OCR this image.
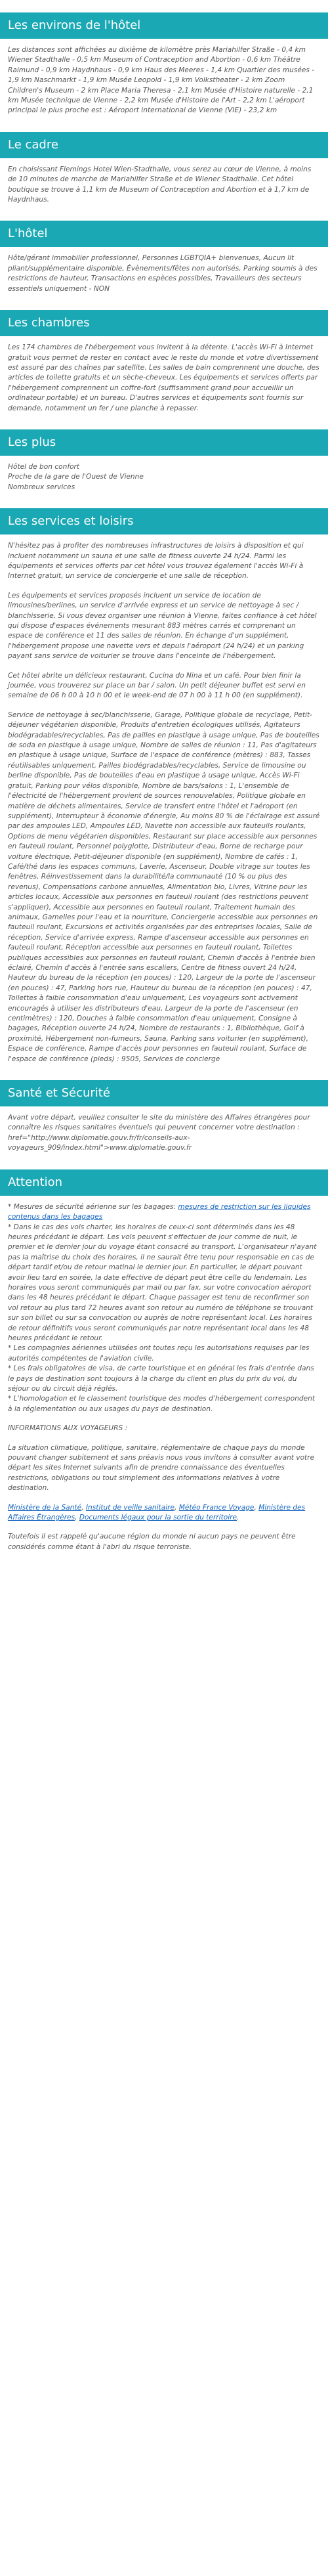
Les environs de l'hôtel

Les distances sont affichées au dixième de kilomètre près Mariahilfer Straße - 0,4 km Wiener Stadthalle - 0,5 km Museum of Contraception and Abortion - 0,6 km Théâtre Raimund - 0,9 km Haydnhaus - 0,9 km Haus des Meeres - 1,4 km Quartier des musées - 1,9 km Naschmarkt - 1,9 km Musée Leopold - 1,9 km Volkstheater - 2 km Zoom Children's Museum - 2 km Place Maria Theresa - 2,1 km Musée d'Histoire naturelle - 2,1 km Musée technique de Vienne - 2,2 km Musée d'Histoire de l'Art - 2,2 km L'aéroport principal le plus proche est : Aéroport international de Vienne (VIE) - 23,2 km

Le cadre

En choisissant Flemings Hotel Wien-Stadthalle, vous serez au cœur de Vienne, à moins de 10 minutes de marche de Mariahilfer Straße et de Wiener Stadthalle. Cet hôtel boutique se trouve à 1,1 km de Museum of Contraception and Abortion et à 1,7 km de Haydnhaus.

L'hôtel

Hôte/gérant immobilier professionnel, Personnes LGBTQIA+ bienvenues, Aucun lit pliant/supplémentaire disponible, Évènements/fêtes non autorisés, Parking soumis à des restrictions de hauteur, Transactions en espèces possibles, Travailleurs des secteurs essentiels uniquement - NON

Les chambres

Les 174 chambres de l'hébergement vous invitent à la détente. L'accès Wi-Fi à Internet gratuit vous permet de rester en contact avec le reste du monde et votre divertissement est assuré par des chaînes par satellite. Les salles de bain comprennent une douche, des articles de toilette gratuits et un sèche-cheveux. Les équipements et services offerts par l'hébergement comprennent un coffre-fort (suffisamment grand pour accueillir un ordinateur portable) et un bureau. D'autres services et équipements sont fournis sur demande, notamment un fer / une planche à repasser.

Les plus

Hôtel de bon confort
Proche de la gare de l'Ouest de Vienne
Nombreux services

Les services et loisirs

N'hésitez pas à profiter des nombreuses infrastructures de loisirs à disposition et qui incluent notamment un sauna et une salle de fitness ouverte 24 h/24. Parmi les équipements et services offerts par cet hôtel vous trouvez également l'accès Wi-Fi à Internet gratuit, un service de conciergerie et une salle de réception.

Les équipements et services proposés incluent un service de location de limousines/berlines, un service d'arrivée express et un service de nettoyage à sec / blanchisserie. Si vous devez organiser une réunion à Vienne, faites confiance à cet hôtel qui dispose d'espaces événements mesurant 883 mètres carrés et comprenant un espace de conférence et 11 des salles de réunion. En échange d'un supplément, l'hébergement propose une navette vers et depuis l'aéroport (24 h/24) et un parking payant sans service de voiturier se trouve dans l'enceinte de l'hébergement.

Cet hôtel abrite un délicieux restaurant, Cucina do Nina et un café. Pour bien finir la journée, vous trouverez sur place un bar / salon. Un petit déjeuner buffet est servi en semaine de 06 h 00 à 10 h 00 et le week-end de 07 h 00 à 11 h 00 (en supplément).

Service de nettoyage à sec/blanchisserie, Garage, Politique globale de recyclage, Petit-déjeuner végétarien disponible, Produits d'entretien écologiques utilisés, Agitateurs biodégradables/recyclables, Pas de pailles en plastique à usage unique, Pas de bouteilles de soda en plastique à usage unique, Nombre de salles de réunion : 11, Pas d'agitateurs en plastique à usage unique, Surface de l'espace de conférence (mètres) : 883, Tasses réutilisables uniquement, Pailles biodégradables/recyclables, Service de limousine ou berline disponible, Pas de bouteilles d'eau en plastique à usage unique, Accès Wi-Fi gratuit, Parking pour vélos disponible, Nombre de bars/salons : 1, L'ensemble de l'électricité de l'hébergement provient de sources renouvelables, Politique globale en matière de déchets alimentaires, Service de transfert entre l'hôtel et l'aéroport (en supplément), Interrupteur à économie d'énergie, Au moins 80 % de l'éclairage est assuré par des ampoules LED, Ampoules LED, Navette non accessible aux fauteuils roulants, Options de menu végétarien disponibles, Restaurant sur place accessible aux personnes en fauteuil roulant, Personnel polyglotte, Distributeur d'eau, Borne de recharge pour voiture électrique, Petit-déjeuner disponible (en supplément), Nombre de cafés : 1, Café/thé dans les espaces communs, Laverie, Ascenseur, Double vitrage sur toutes les fenêtres, Réinvestissement dans la durabilité/la communauté (10 % ou plus des revenus), Compensations carbone annuelles, Alimentation bio, Livres, Vitrine pour les articles locaux, Accessible aux personnes en fauteuil roulant (des restrictions peuvent s'appliquer), Accessible aux personnes en fauteuil roulant, Traitement humain des animaux, Gamelles pour l'eau et la nourriture, Conciergerie accessible aux personnes en fauteuil roulant, Excursions et activités organisées par des entreprises locales, Salle de réception, Service d'arrivée express, Rampe d'ascenseur accessible aux personnes en fauteuil roulant, Réception accessible aux personnes en fauteuil roulant, Toilettes publiques accessibles aux personnes en fauteuil roulant, Chemin d'accès à l'entrée bien éclairé, Chemin d'accès à l'entrée sans escaliers, Centre de fitness ouvert 24 h/24, Hauteur du bureau de la réception (en pouces) : 120, Largeur de la porte de l'ascenseur (en pouces) : 47, Parking hors rue, Hauteur du bureau de la réception (en pouces) : 47, Toilettes à faible consommation d'eau uniquement, Les voyageurs sont activement encouragés à utiliser les distributeurs d'eau, Largeur de la porte de l'ascenseur (en centimètres) : 120, Douches à faible consommation d'eau uniquement, Consigne à bagages, Réception ouverte 24 h/24, Nombre de restaurants : 1, Bibliothèque, Golf à proximité, Hébergement non-fumeurs, Sauna, Parking sans voiturier (en supplément), Espace de conférence, Rampe d'accès pour personnes en fauteuil roulant, Surface de l'espace de conférence (pieds) : 9505, Services de concierge

Santé et Sécurité

Avant votre départ, veuillez consulter le site du ministère des Affaires étrangères pour connaître les risques sanitaires éventuels qui peuvent concerner votre destination : href="http://www.diplomatie.gouv.fr/fr/conseils-aux-voyageurs_909/index.html">www.diplomatie.gouv.fr

Attention

* Mesures de sécurité aérienne sur les bagages: mesures de restriction sur les liquides contenus dans les bagages
* Dans le cas des vols charter, les horaires de ceux-ci sont déterminés dans les 48 heures précédant le départ. Les vols peuvent s'effectuer de jour comme de nuit, le premier et le dernier jour du voyage étant consacré au transport. L'organisateur n'ayant pas la maîtrise du choix des horaires, il ne saurait être tenu pour responsable en cas de départ tardif et/ou de retour matinal le dernier jour. En particulier, le départ pouvant avoir lieu tard en soirée, la date effective de départ peut être celle du lendemain. Les horaires vous seront communiqués par mail ou par fax, sur votre convocation aéroport dans les 48 heures précédant le départ. Chaque passager est tenu de reconfirmer son vol retour au plus tard 72 heures avant son retour au numéro de téléphone se trouvant sur son billet ou sur sa convocation ou auprès de notre représentant local. Les horaires de retour définitifs vous seront communiqués par notre représentant local dans les 48 heures précédant le retour.
* Les compagnies aériennes utilisées ont toutes reçu les autorisations requises par les autorités compétentes de l'aviation civile.
* Les frais obligatoires de visa, de carte touristique et en général les frais d'entrée dans le pays de destination sont toujours à la charge du client en plus du prix du vol, du séjour ou du circuit déjà réglés.
* L'homologation et le classement touristique des modes d'hébergement correspondent à la réglementation ou aux usages du pays de destination.

INFORMATIONS AUX VOYAGEURS :

La situation climatique, politique, sanitaire, réglementaire de chaque pays du monde pouvant changer subitement et sans préavis nous vous invitons à consulter avant votre départ les sites Internet suivants afin de prendre connaissance des éventuelles restrictions, obligations ou tout simplement des informations relatives à votre destination.

Ministère de la Santé, Institut de veille sanitaire, Météo France Voyage, Ministère des Affaires Étrangères, Documents légaux pour la sortie du territoire.

Toutefois il est rappelé qu'aucune région du monde ni aucun pays ne peuvent être considérés comme étant à l'abri du risque terroriste.
